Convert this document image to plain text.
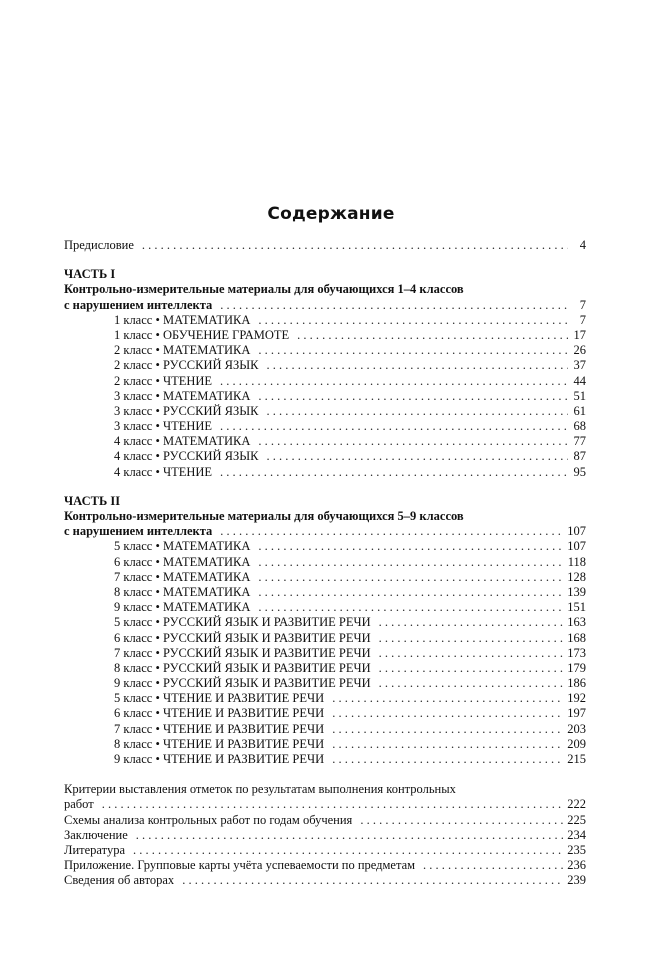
Содержание
Предисловие . . .	4
ЧАСТЬ I
Контрольно-измерительные материалы для обучающихся 1–4 классов
с нарушением интеллекта . . .	7
1 класс • МАТЕМАТИКА . . .	7
1 класс • ОБУЧЕНИЕ ГРАМОТЕ . . .	17
2 класс • МАТЕМАТИКА . . .	26
2 класс • РУССКИЙ ЯЗЫК . . .	37
2 класс • ЧТЕНИЕ . . .	44
3 класс • МАТЕМАТИКА . . .	51
3 класс • РУССКИЙ ЯЗЫК . . .	61
3 класс • ЧТЕНИЕ . . .	68
4 класс • МАТЕМАТИКА . . .	77
4 класс • РУССКИЙ ЯЗЫК . . .	87
4 класс • ЧТЕНИЕ . . .	95
ЧАСТЬ II
Контрольно-измерительные материалы для обучающихся 5–9 классов
с нарушением интеллекта . . .	107
5 класс • МАТЕМАТИКА . . .	107
6 класс • МАТЕМАТИКА . . .	118
7 класс • МАТЕМАТИКА . . .	128
8 класс • МАТЕМАТИКА . . .	139
9 класс • МАТЕМАТИКА . . .	151
5 класс • РУССКИЙ ЯЗЫК И РАЗВИТИЕ РЕЧИ . . .	163
6 класс • РУССКИЙ ЯЗЫК И РАЗВИТИЕ РЕЧИ . . .	168
7 класс • РУССКИЙ ЯЗЫК И РАЗВИТИЕ РЕЧИ . . .	173
8 класс • РУССКИЙ ЯЗЫК И РАЗВИТИЕ РЕЧИ . . .	179
9 класс • РУССКИЙ ЯЗЫК И РАЗВИТИЕ РЕЧИ . . .	186
5 класс • ЧТЕНИЕ И РАЗВИТИЕ РЕЧИ . . .	192
6 класс • ЧТЕНИЕ И РАЗВИТИЕ РЕЧИ . . .	197
7 класс • ЧТЕНИЕ И РАЗВИТИЕ РЕЧИ . . .	203
8 класс • ЧТЕНИЕ И РАЗВИТИЕ РЕЧИ . . .	209
9 класс • ЧТЕНИЕ И РАЗВИТИЕ РЕЧИ . . .	215
Критерии выставления отметок по результатам выполнения контрольных
работ . . .	222
Схемы анализа контрольных работ по годам обучения . . .	225
Заключение . . .	234
Литература . . .	235
Приложение. Групповые карты учёта успеваемости по предметам . . .	236
Сведения об авторах . . .	239
